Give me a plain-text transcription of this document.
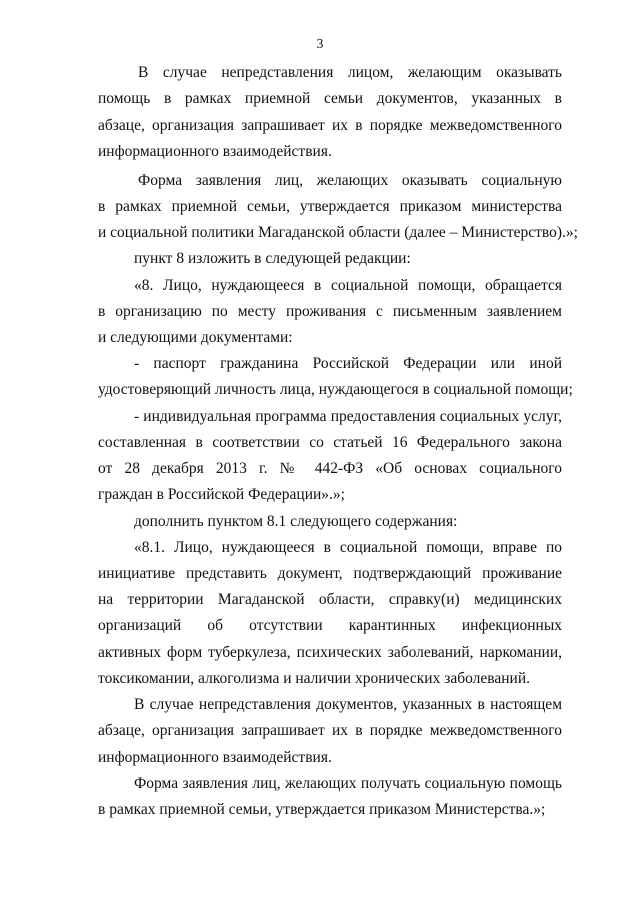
3
В случае непредставления лицом, желающим оказывать
помощь в рамках приемной семьи документов, указанных в
абзаце, организация запрашивает их в порядке межведомственного
информационного взаимодействия.
Форма заявления лиц, желающих оказывать социальную
в рамках приемной семьи, утверждается приказом министерства
и социальной политики Магаданской области (далее – Министерство).»;
пункт 8 изложить в следующей редакции:
«8. Лицо, нуждающееся в социальной помощи, обращается
в организацию по месту проживания с письменным заявлением
и следующими документами:
- паспорт гражданина Российской Федерации или иной
удостоверяющий личность лица, нуждающегося в социальной помощи;
- индивидуальная программа предоставления социальных услуг,
составленная в соответствии со статьей 16 Федерального закона
от 28 декабря 2013 г. № 442-ФЗ «Об основах социального
граждан в Российской Федерации».»;
дополнить пунктом 8.1 следующего содержания:
«8.1. Лицо, нуждающееся в социальной помощи, вправе по
инициативе представить документ, подтверждающий проживание
на территории Магаданской области, справку(и) медицинских
организаций об отсутствии карантинных инфекционных
активных форм туберкулеза, психических заболеваний, наркомании,
токсикомании, алкоголизма и наличии хронических заболеваний.
В случае непредставления документов, указанных в настоящем
абзаце, организация запрашивает их в порядке межведомственного
информационного взаимодействия.
Форма заявления лиц, желающих получать социальную помощь
в рамках приемной семьи, утверждается приказом Министерства.»;
